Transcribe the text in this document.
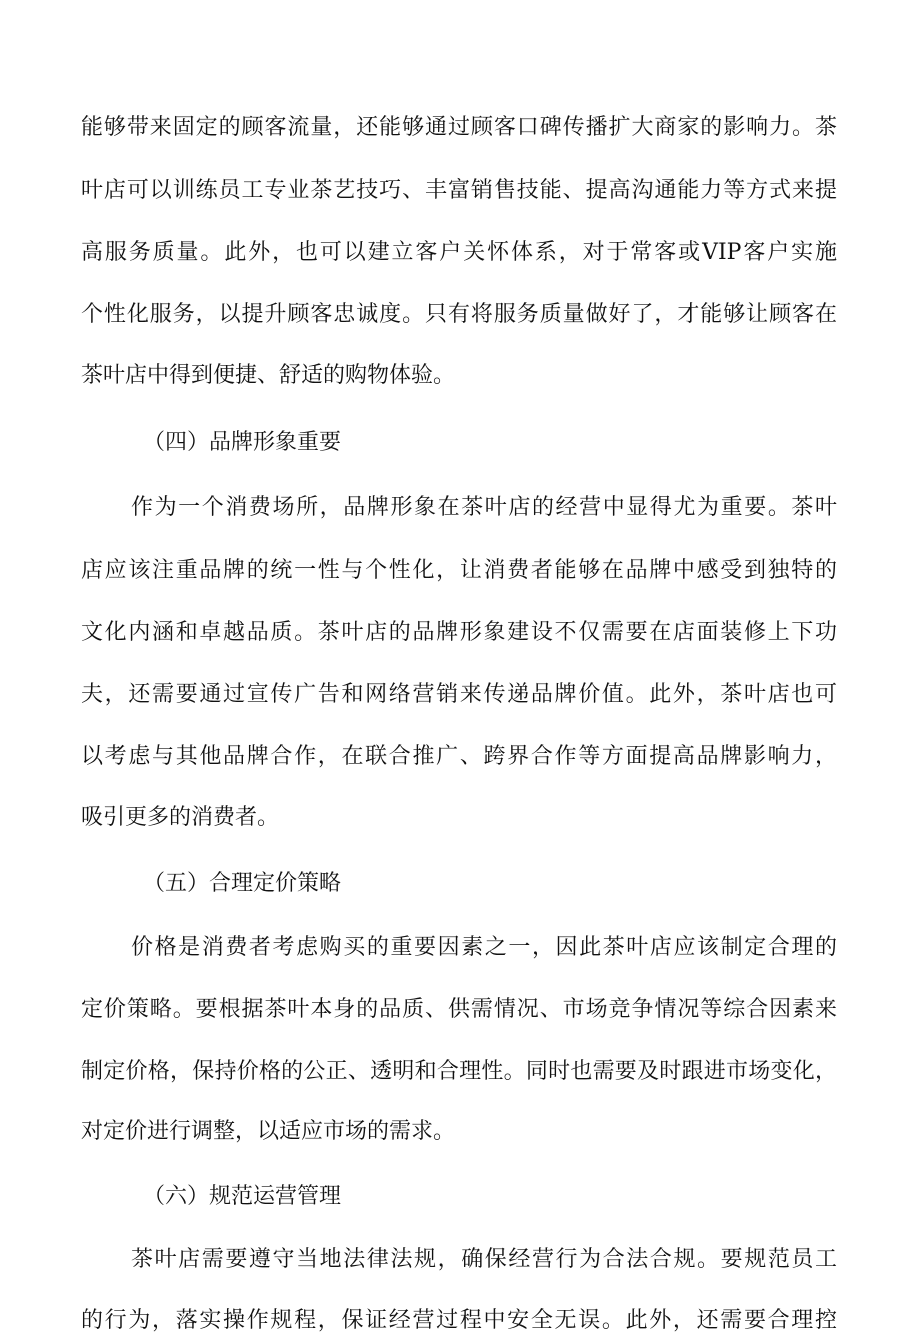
能够带来固定的顾客流量，还能够通过顾客口碑传播扩大商家的影响力。茶
叶店可以训练员工专业茶艺技巧、丰富销售技能、提高沟通能力等方式来提
高服务质量。此外，也可以建立客户关怀体系，对于常客或VIP客户实施
个性化服务，以提升顾客忠诚度。只有将服务质量做好了，才能够让顾客在
茶叶店中得到便捷、舒适的购物体验。
（四）品牌形象重要
作为一个消费场所，品牌形象在茶叶店的经营中显得尤为重要。茶叶
店应该注重品牌的统一性与个性化，让消费者能够在品牌中感受到独特的
文化内涵和卓越品质。茶叶店的品牌形象建设不仅需要在店面装修上下功
夫，还需要通过宣传广告和网络营销来传递品牌价值。此外，茶叶店也可
以考虑与其他品牌合作，在联合推广、跨界合作等方面提高品牌影响力，
吸引更多的消费者。
（五）合理定价策略
价格是消费者考虑购买的重要因素之一，因此茶叶店应该制定合理的
定价策略。要根据茶叶本身的品质、供需情况、市场竞争情况等综合因素来
制定价格，保持价格的公正、透明和合理性。同时也需要及时跟进市场变化，
对定价进行调整，以适应市场的需求。
（六）规范运营管理
茶叶店需要遵守当地法律法规，确保经营行为合法合规。要规范员工
的行为，落实操作规程，保证经营过程中安全无误。此外，还需要合理控
